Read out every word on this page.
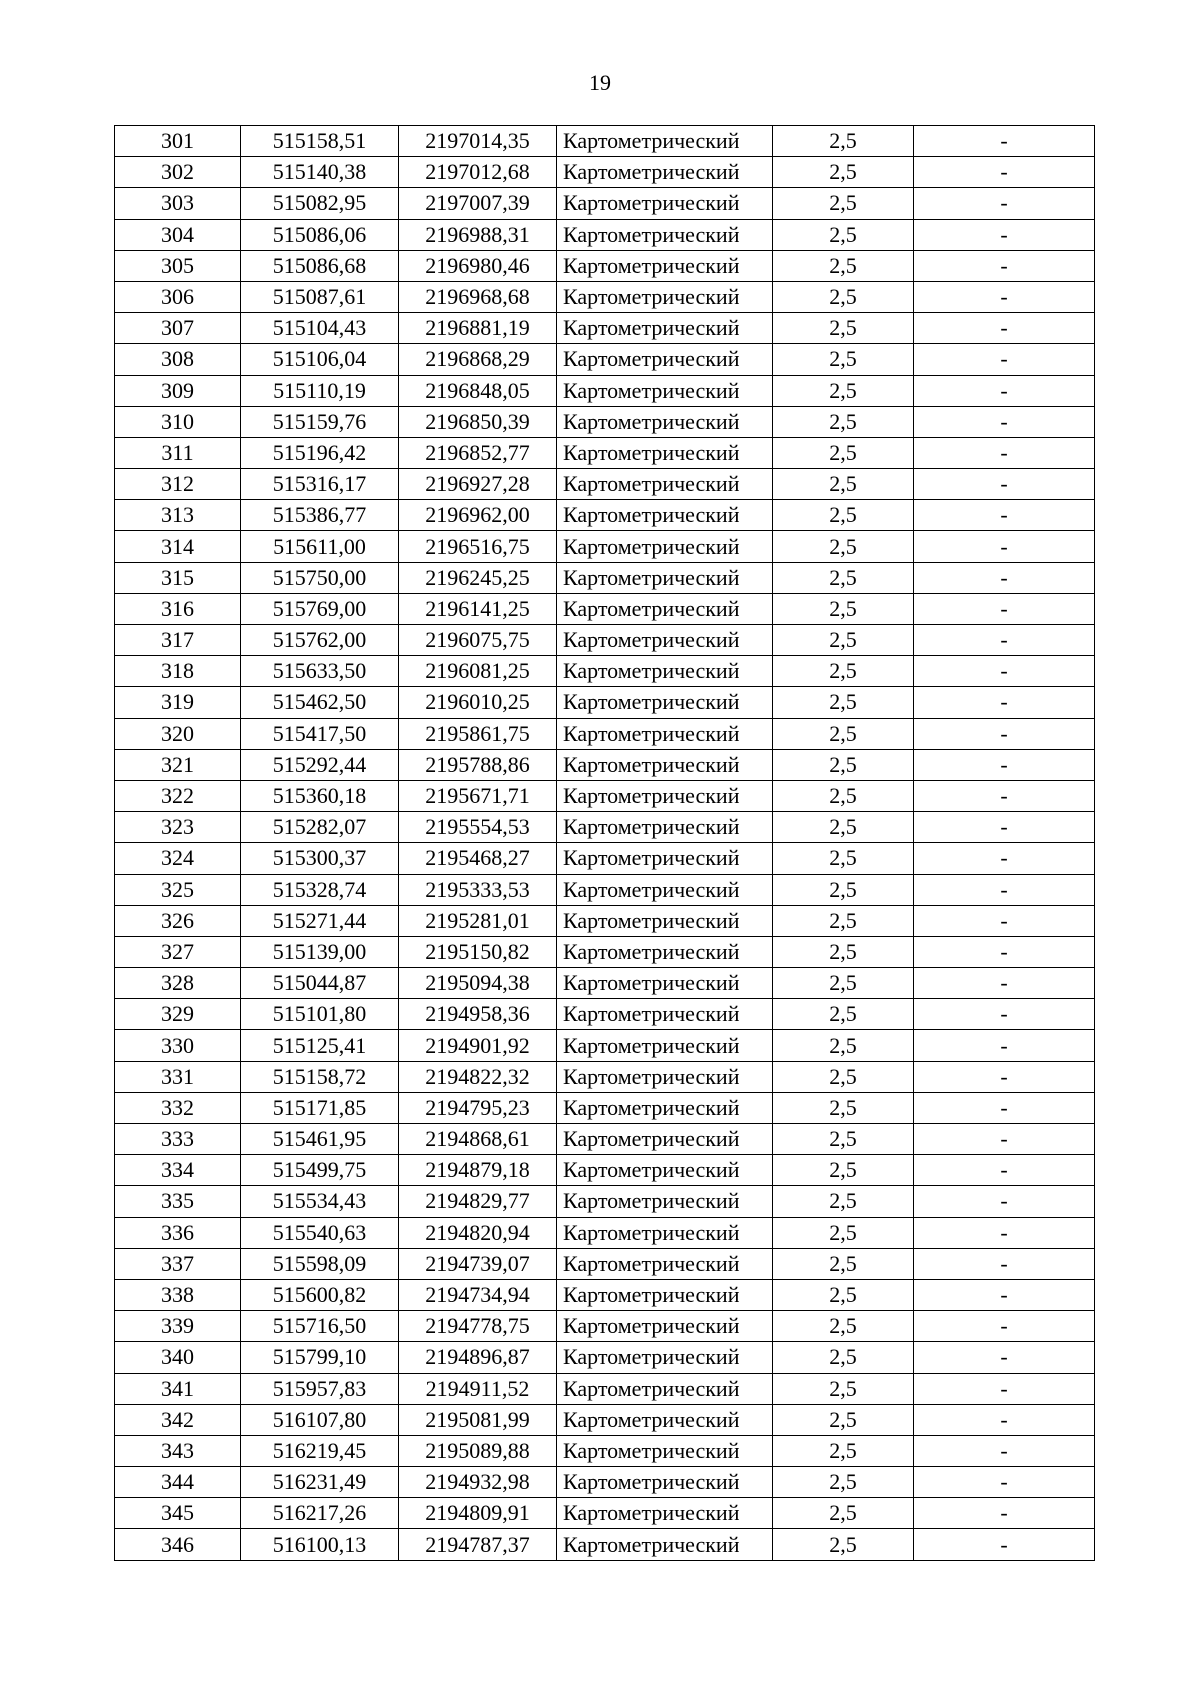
19
301	515158,51	2197014,35	Картометрический	2,5	-
302	515140,38	2197012,68	Картометрический	2,5	-
303	515082,95	2197007,39	Картометрический	2,5	-
304	515086,06	2196988,31	Картометрический	2,5	-
305	515086,68	2196980,46	Картометрический	2,5	-
306	515087,61	2196968,68	Картометрический	2,5	-
307	515104,43	2196881,19	Картометрический	2,5	-
308	515106,04	2196868,29	Картометрический	2,5	-
309	515110,19	2196848,05	Картометрический	2,5	-
310	515159,76	2196850,39	Картометрический	2,5	-
311	515196,42	2196852,77	Картометрический	2,5	-
312	515316,17	2196927,28	Картометрический	2,5	-
313	515386,77	2196962,00	Картометрический	2,5	-
314	515611,00	2196516,75	Картометрический	2,5	-
315	515750,00	2196245,25	Картометрический	2,5	-
316	515769,00	2196141,25	Картометрический	2,5	-
317	515762,00	2196075,75	Картометрический	2,5	-
318	515633,50	2196081,25	Картометрический	2,5	-
319	515462,50	2196010,25	Картометрический	2,5	-
320	515417,50	2195861,75	Картометрический	2,5	-
321	515292,44	2195788,86	Картометрический	2,5	-
322	515360,18	2195671,71	Картометрический	2,5	-
323	515282,07	2195554,53	Картометрический	2,5	-
324	515300,37	2195468,27	Картометрический	2,5	-
325	515328,74	2195333,53	Картометрический	2,5	-
326	515271,44	2195281,01	Картометрический	2,5	-
327	515139,00	2195150,82	Картометрический	2,5	-
328	515044,87	2195094,38	Картометрический	2,5	-
329	515101,80	2194958,36	Картометрический	2,5	-
330	515125,41	2194901,92	Картометрический	2,5	-
331	515158,72	2194822,32	Картометрический	2,5	-
332	515171,85	2194795,23	Картометрический	2,5	-
333	515461,95	2194868,61	Картометрический	2,5	-
334	515499,75	2194879,18	Картометрический	2,5	-
335	515534,43	2194829,77	Картометрический	2,5	-
336	515540,63	2194820,94	Картометрический	2,5	-
337	515598,09	2194739,07	Картометрический	2,5	-
338	515600,82	2194734,94	Картометрический	2,5	-
339	515716,50	2194778,75	Картометрический	2,5	-
340	515799,10	2194896,87	Картометрический	2,5	-
341	515957,83	2194911,52	Картометрический	2,5	-
342	516107,80	2195081,99	Картометрический	2,5	-
343	516219,45	2195089,88	Картометрический	2,5	-
344	516231,49	2194932,98	Картометрический	2,5	-
345	516217,26	2194809,91	Картометрический	2,5	-
346	516100,13	2194787,37	Картометрический	2,5	-
